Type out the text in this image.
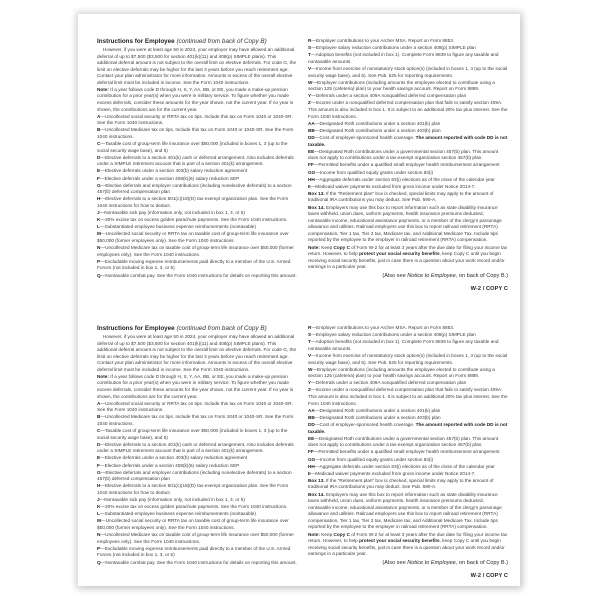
Instructions for Employee (continued from back of Copy B)
However, if you were at least age 50 in 2024, your employer may have allowed an additional deferral of up to $7,500 ($3,500 for section 401(k)(11) and 408(p) SIMPLE plans). This additional deferral amount is not subject to the overall limit on elective deferrals. For code G, the limit on elective deferrals may be higher for the last 3 years before you reach retirement age. Contact your plan administrator for more information. Amounts in excess of the overall elective deferral limit must be included in income. See the Form 1040 instructions.
Note: If a year follows code D through H, S, Y, AA, BB, or EE, you made a make-up pension contribution for a prior year(s) when you were in military service. To figure whether you made excess deferrals, consider these amounts for the year shown, not the current year. If no year is shown, the contributions are for the current year.
A—Uncollected social security or RRTA tax on tips. Include this tax on Form 1040 or 1040-SR. See the Form 1040 instructions.
B—Uncollected Medicare tax on tips. Include this tax on Form 1040 or 1040-SR. See the Form 1040 instructions.
C—Taxable cost of group-term life insurance over $50,000 (included in boxes 1, 3 (up to the social security wage base), and 5)
D—Elective deferrals to a section 401(k) cash or deferred arrangement. Also includes deferrals under a SIMPLE retirement account that is part of a section 401(k) arrangement.
E—Elective deferrals under a section 403(b) salary reduction agreement
F—Elective deferrals under a section 408(k)(6) salary reduction SEP
G—Elective deferrals and employer contributions (including nonelective deferrals) to a section 457(b) deferred compensation plan
H—Elective deferrals to a section 501(c)(18)(D) tax-exempt organization plan. See the Form 1040 instructions for how to deduct.
J—Nontaxable sick pay (information only, not included in box 1, 3, or 5)
K—20% excise tax on excess golden parachute payments. See the Form 1040 instructions.
L—Substantiated employee business expense reimbursements (nontaxable)
M—Uncollected social security or RRTA tax on taxable cost of group-term life insurance over $50,000 (former employees only). See the Form 1040 instructions.
N—Uncollected Medicare tax on taxable cost of group-term life insurance over $50,000 (former employees only). See the Form 1040 instructions.
P—Excludable moving expense reimbursements paid directly to a member of the U.S. Armed Forces (not included in box 1, 3, or 5)
Q—Nontaxable combat pay. See the Form 1040 instructions for details on reporting this amount.
R—Employer contributions to your Archer MSA. Report on Form 8853.
S—Employee salary reduction contributions under a section 408(p) SIMPLE plan
T—Adoption benefits (not included in box 1). Complete Form 8839 to figure any taxable and nontaxable amounts.
V—Income from exercise of nonstatutory stock option(s) (included in boxes 1, 3 (up to the social security wage base), and 5). See Pub. 525 for reporting requirements.
W—Employer contributions (including amounts the employee elected to contribute using a section 125 (cafeteria) plan) to your health savings account. Report on Form 8889.
Y—Deferrals under a section 409A nonqualified deferred compensation plan
Z—Income under a nonqualified deferred compensation plan that fails to satisfy section 409A. This amount is also included in box 1. It is subject to an additional 20% tax plus interest. See the Form 1040 instructions.
AA—Designated Roth contributions under a section 401(k) plan
BB—Designated Roth contributions under a section 403(b) plan
DD—Cost of employer-sponsored health coverage. The amount reported with code DD is not taxable.
EE—Designated Roth contributions under a governmental section 457(b) plan. This amount does not apply to contributions under a tax-exempt organization section 457(b) plan.
FF—Permitted benefits under a qualified small employer health reimbursement arrangement
GG—Income from qualified equity grants under section 83(i)
HH—Aggregate deferrals under section 83(i) elections as of the close of the calendar year
II—Medicaid waiver payments excluded from gross income under Notice 2014-7.
Box 13. If the "Retirement plan" box is checked, special limits may apply to the amount of traditional IRA contributions you may deduct. See Pub. 590-A.
Box 14. Employers may use this box to report information such as state disability insurance taxes withheld, union dues, uniform payments, health insurance premiums deducted, nontaxable income, educational assistance payments, or a member of the clergy's parsonage allowance and utilities. Railroad employers use this box to report railroad retirement (RRTA) compensation, Tier 1 tax, Tier 2 tax, Medicare tax, and Additional Medicare Tax. Include tips reported by the employee to the employer in railroad retirement (RRTA) compensation.
Note: Keep Copy C of Form W-2 for at least 3 years after the due date for filing your income tax return. However, to help protect your social security benefits, keep Copy C until you begin receiving social security benefits, just in case there is a question about your work record and/or earnings in a particular year.
(Also see Notice to Employee, on back of Copy B.)
W-2 / COPY C
Instructions for Employee (continued from back of Copy B)
However, if you were at least age 50 in 2024, your employer may have allowed an additional deferral of up to $7,500 ($3,500 for section 401(k)(11) and 408(p) SIMPLE plans). This additional deferral amount is not subject to the overall limit on elective deferrals. For code G, the limit on elective deferrals may be higher for the last 3 years before you reach retirement age. Contact your plan administrator for more information. Amounts in excess of the overall elective deferral limit must be included in income. See the Form 1040 instructions.
Note: If a year follows code D through H, S, Y, AA, BB, or EE, you made a make-up pension contribution for a prior year(s) when you were in military service. To figure whether you made excess deferrals, consider these amounts for the year shown, not the current year. If no year is shown, the contributions are for the current year.
A—Uncollected social security or RRTA tax on tips. Include this tax on Form 1040 or 1040-SR. See the Form 1040 instructions.
B—Uncollected Medicare tax on tips. Include this tax on Form 1040 or 1040-SR. See the Form 1040 instructions.
C—Taxable cost of group-term life insurance over $50,000 (included in boxes 1, 3 (up to the social security wage base), and 5)
D—Elective deferrals to a section 401(k) cash or deferred arrangement. Also includes deferrals under a SIMPLE retirement account that is part of a section 401(k) arrangement.
E—Elective deferrals under a section 403(b) salary reduction agreement
F—Elective deferrals under a section 408(k)(6) salary reduction SEP
G—Elective deferrals and employer contributions (including nonelective deferrals) to a section 457(b) deferred compensation plan
H—Elective deferrals to a section 501(c)(18)(D) tax-exempt organization plan. See the Form 1040 instructions for how to deduct.
J—Nontaxable sick pay (information only, not included in box 1, 3, or 5)
K—20% excise tax on excess golden parachute payments. See the Form 1040 instructions.
L—Substantiated employee business expense reimbursements (nontaxable)
M—Uncollected social security or RRTA tax on taxable cost of group-term life insurance over $50,000 (former employees only). See the Form 1040 instructions.
N—Uncollected Medicare tax on taxable cost of group-term life insurance over $50,000 (former employees only). See the Form 1040 instructions.
P—Excludable moving expense reimbursements paid directly to a member of the U.S. Armed Forces (not included in box 1, 3, or 5)
Q—Nontaxable combat pay. See the Form 1040 instructions for details on reporting this amount.
R—Employer contributions to your Archer MSA. Report on Form 8853.
S—Employee salary reduction contributions under a section 408(p) SIMPLE plan
T—Adoption benefits (not included in box 1). Complete Form 8839 to figure any taxable and nontaxable amounts.
V—Income from exercise of nonstatutory stock option(s) (included in boxes 1, 3 (up to the social security wage base), and 5). See Pub. 525 for reporting requirements.
W—Employer contributions (including amounts the employee elected to contribute using a section 125 (cafeteria) plan) to your health savings account. Report on Form 8889.
Y—Deferrals under a section 409A nonqualified deferred compensation plan
Z—Income under a nonqualified deferred compensation plan that fails to satisfy section 409A. This amount is also included in box 1. It is subject to an additional 20% tax plus interest. See the Form 1040 instructions.
AA—Designated Roth contributions under a section 401(k) plan
BB—Designated Roth contributions under a section 403(b) plan
DD—Cost of employer-sponsored health coverage. The amount reported with code DD is not taxable.
EE—Designated Roth contributions under a governmental section 457(b) plan. This amount does not apply to contributions under a tax-exempt organization section 457(b) plan.
FF—Permitted benefits under a qualified small employer health reimbursement arrangement
GG—Income from qualified equity grants under section 83(i)
HH—Aggregate deferrals under section 83(i) elections as of the close of the calendar year
II—Medicaid waiver payments excluded from gross income under Notice 2014-7.
Box 13. If the "Retirement plan" box is checked, special limits may apply to the amount of traditional IRA contributions you may deduct. See Pub. 590-A.
Box 14. Employers may use this box to report information such as state disability insurance taxes withheld, union dues, uniform payments, health insurance premiums deducted, nontaxable income, educational assistance payments, or a member of the clergy's parsonage allowance and utilities. Railroad employers use this box to report railroad retirement (RRTA) compensation, Tier 1 tax, Tier 2 tax, Medicare tax, and Additional Medicare Tax. Include tips reported by the employee to the employer in railroad retirement (RRTA) compensation.
Note: Keep Copy C of Form W-2 for at least 3 years after the due date for filing your income tax return. However, to help protect your social security benefits, keep Copy C until you begin receiving social security benefits, just in case there is a question about your work record and/or earnings in a particular year.
(Also see Notice to Employee, on back of Copy B.)
W-2 / COPY C
